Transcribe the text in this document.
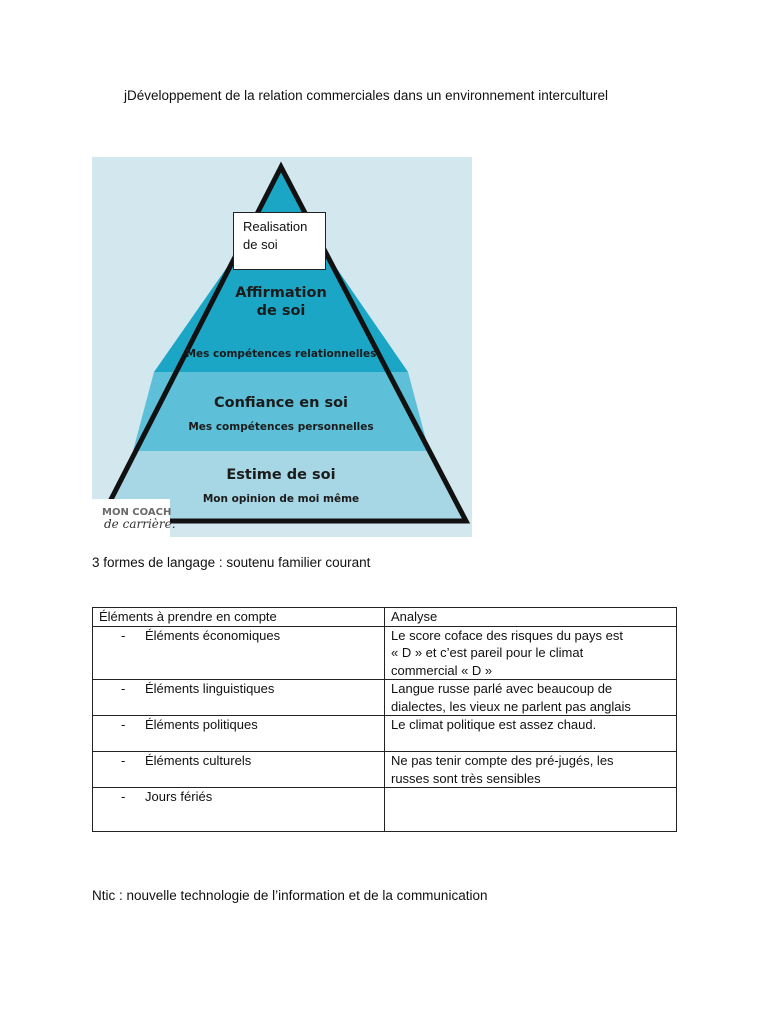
jDéveloppement de la relation commerciales dans un environnement interculturel
Affirmation
de soi
Mes compétences relationnelles
Confiance en soi
Mes compétences personnelles
Estime de soi
Mon opinion de moi même
MON COACH
de carrière.
Realisation
de soi
3 formes de langage : soutenu familier courant
Éléments à prendre en compte	Analyse
- Éléments économiques	Le score coface des risques du pays est
« D » et c’est pareil pour le climat
commercial « D »

- Éléments linguistiques	Langue russe parlé avec beaucoup de
dialectes, les vieux ne parlent pas anglais

- Éléments politiques	Le climat politique est assez chaud.

- Éléments culturels	Ne pas tenir compte des pré-jugés, les
russes sont très sensibles

- Jours fériés	
Ntic : nouvelle technologie de l’information et de la communication
